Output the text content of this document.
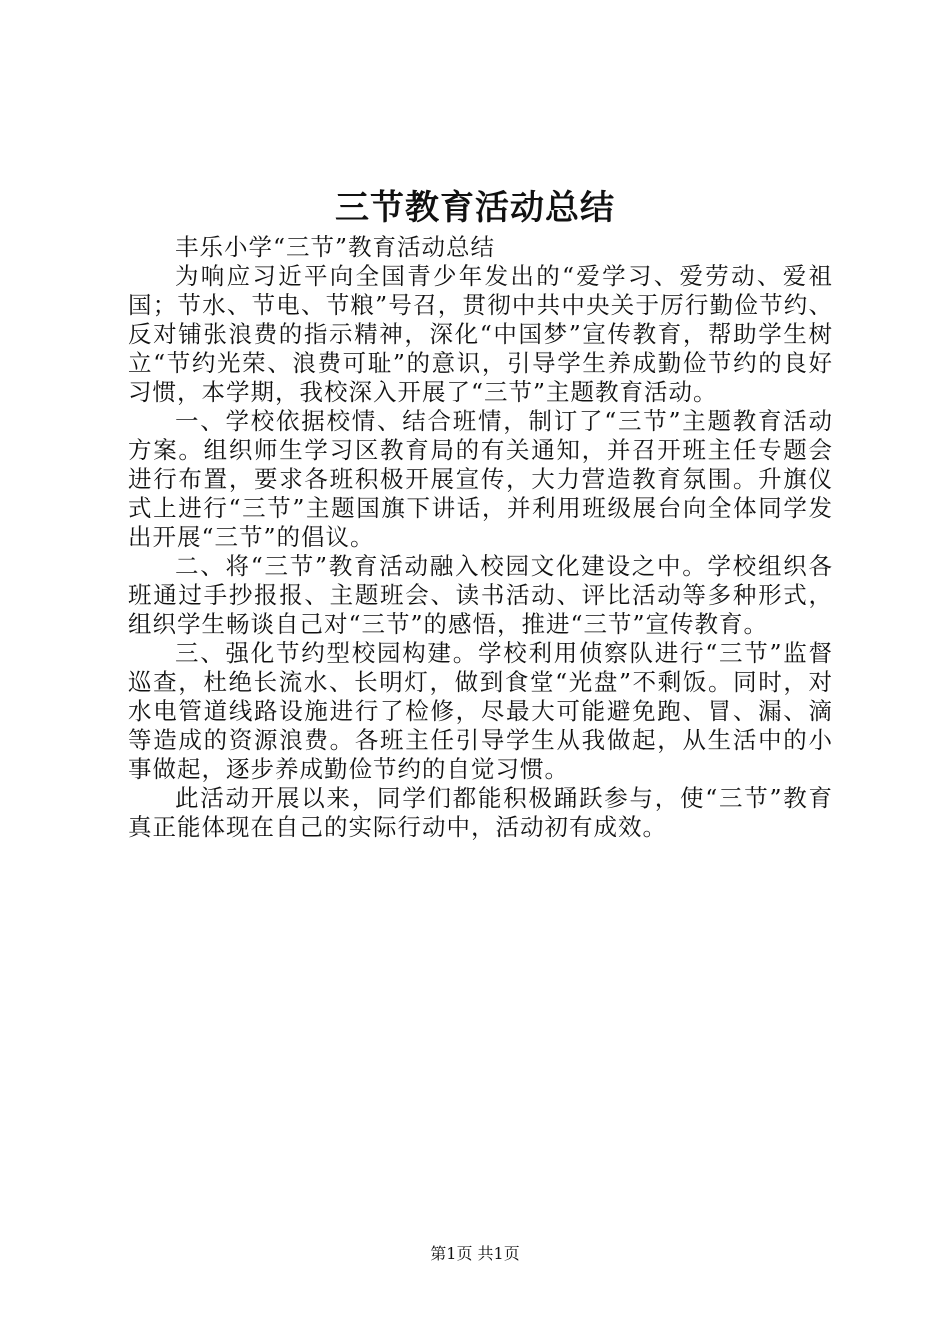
三节教育活动总结

丰乐小学“三节”教育活动总结

为响应习近平向全国青少年发出的“爱学习、爱劳动、爱祖国；节水、节电、节粮”号召，贯彻中共中央关于厉行勤俭节约、反对铺张浪费的指示精神，深化“中国梦”宣传教育，帮助学生树立“节约光荣、浪费可耻”的意识，引导学生养成勤俭节约的良好习惯，本学期，我校深入开展了“三节”主题教育活动。

一、学校依据校情、结合班情，制订了“三节”主题教育活动方案。组织师生学习区教育局的有关通知，并召开班主任专题会进行布置，要求各班积极开展宣传，大力营造教育氛围。升旗仪式上进行“三节”主题国旗下讲话，并利用班级展台向全体同学发出开展“三节”的倡议。

二、将“三节”教育活动融入校园文化建设之中。学校组织各班通过手抄报报、主题班会、读书活动、评比活动等多种形式，组织学生畅谈自己对“三节”的感悟，推进“三节”宣传教育。

三、强化节约型校园构建。学校利用侦察队进行“三节”监督巡查，杜绝长流水、长明灯，做到食堂“光盘”不剩饭。同时，对水电管道线路设施进行了检修，尽最大可能避免跑、冒、漏、滴等造成的资源浪费。各班主任引导学生从我做起，从生活中的小事做起，逐步养成勤俭节约的自觉习惯。

此活动开展以来，同学们都能积极踊跃参与，使“三节”教育真正能体现在自己的实际行动中，活动初有成效。

第1页 共1页
